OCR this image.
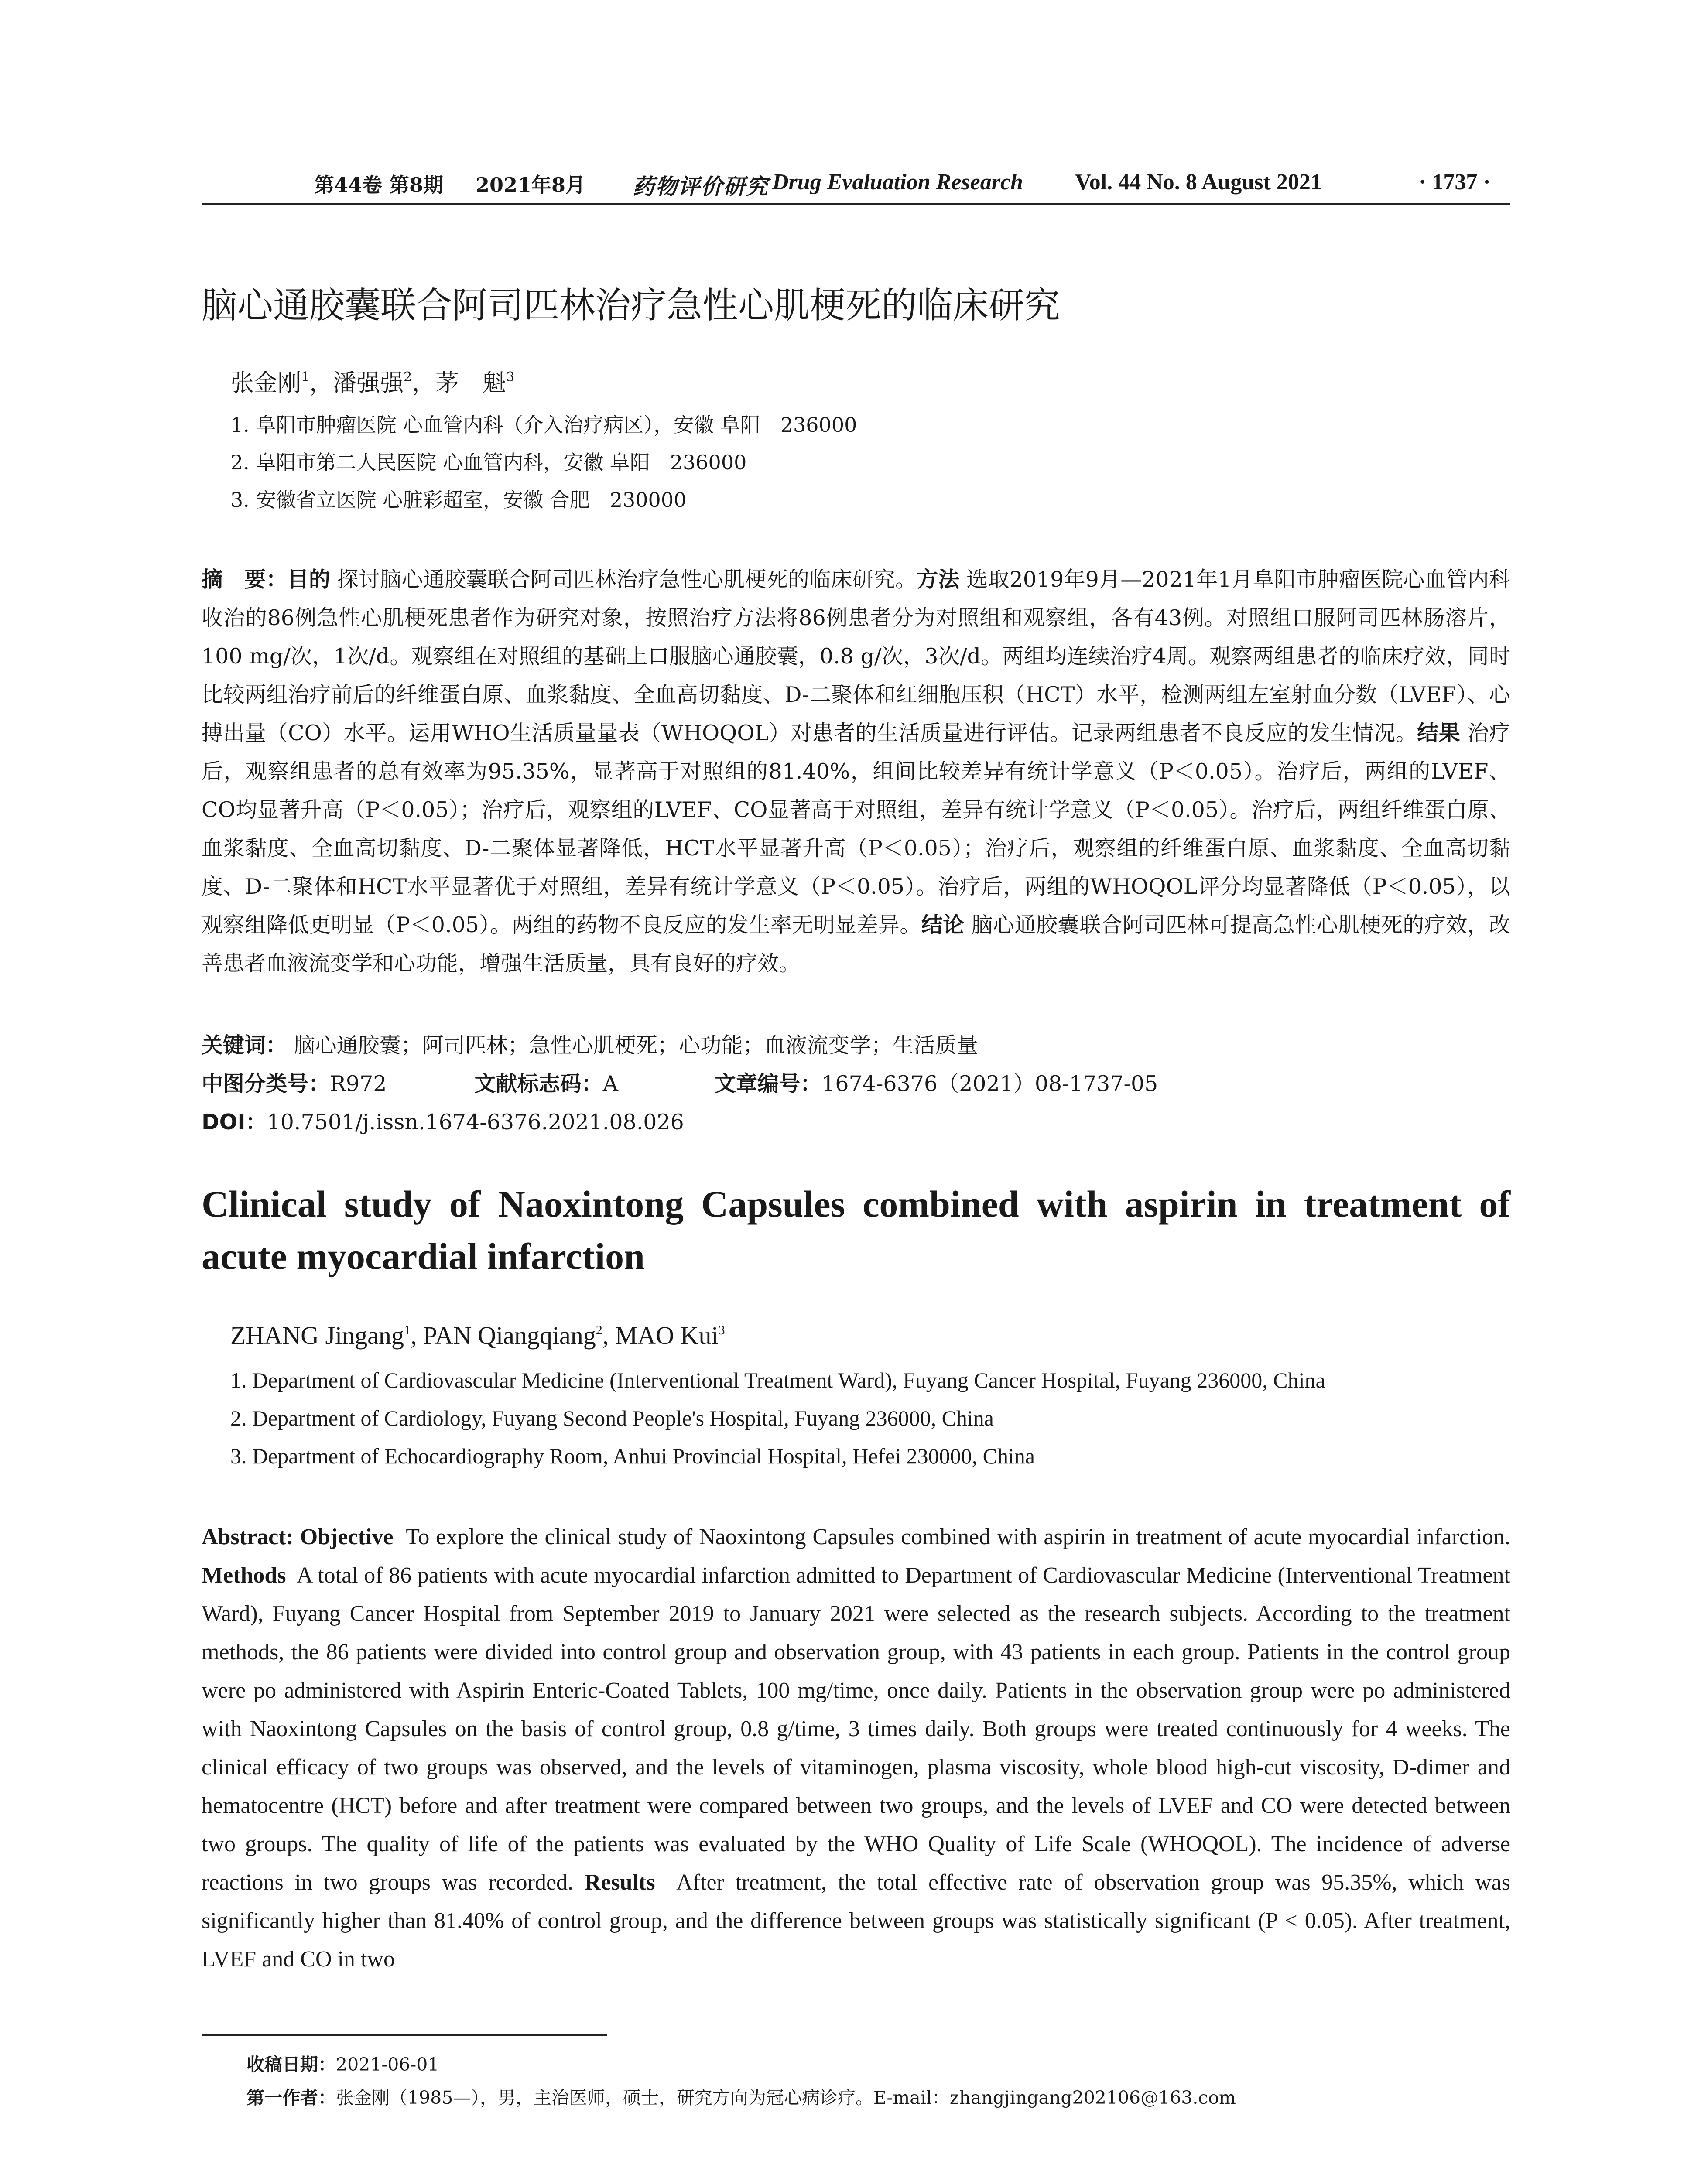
第44卷 第8期 2021年8月 药物评价研究 Drug Evaluation Research Vol. 44 No. 8 August 2021	· 1737 ·
脑心通胶囊联合阿司匹林治疗急性心肌梗死的临床研究
张金刚$^1$，潘强强$^2$，茅　魁$^3$
1. 阜阳市肿瘤医院 心血管内科（介入治疗病区），安徽 阜阳　236000
2. 阜阳市第二人民医院 心血管内科，安徽 阜阳　236000
3. 安徽省立医院 心脏彩超室，安徽 合肥　230000
摘　要：目的 探讨脑心通胶囊联合阿司匹林治疗急性心肌梗死的临床研究。方法 选取2019年9月—2021年1月阜阳市肿瘤医院心血管内科收治的86例急性心肌梗死患者作为研究对象，按照治疗方法将86例患者分为对照组和观察组，各有43例。对照组口服阿司匹林肠溶片，100 mg/次，1次/d。观察组在对照组的基础上口服脑心通胶囊，0.8 g/次，3次/d。两组均连续治疗4周。观察两组患者的临床疗效，同时比较两组治疗前后的纤维蛋白原、血浆黏度、全血高切黏度、D-二聚体和红细胞压积（HCT）水平，检测两组左室射血分数（LVEF）、心搏出量（CO）水平。运用WHO生活质量量表（WHOQOL）对患者的生活质量进行评估。记录两组患者不良反应的发生情况。结果 治疗后，观察组患者的总有效率为95.35%，显著高于对照组的81.40%，组间比较差异有统计学意义（P＜0.05）。治疗后，两组的LVEF、CO均显著升高（P＜0.05）；治疗后，观察组的LVEF、CO显著高于对照组，差异有统计学意义（P＜0.05）。治疗后，两组纤维蛋白原、血浆黏度、全血高切黏度、D-二聚体显著降低，HCT水平显著升高（P＜0.05）；治疗后，观察组的纤维蛋白原、血浆黏度、全血高切黏度、D-二聚体和HCT水平显著优于对照组，差异有统计学意义（P＜0.05）。治疗后，两组的WHOQOL评分均显著降低（P＜0.05），以观察组降低更明显（P＜0.05）。两组的药物不良反应的发生率无明显差异。结论 脑心通胶囊联合阿司匹林可提高急性心肌梗死的疗效，改善患者血液流变学和心功能，增强生活质量，具有良好的疗效。
关键词： 脑心通胶囊；阿司匹林；急性心肌梗死；心功能；血液流变学；生活质量
中图分类号：R972	文献标志码：A	文章编号：1674-6376（2021）08-1737-05
DOI：10.7501/j.issn.1674-6376.2021.08.026
Clinical study of Naoxintong Capsules combined with aspirin in treatment of acute myocardial infarction
ZHANG Jingang$^1$, PAN Qiangqiang$^2$, MAO Kui$^3$
1. Department of Cardiovascular Medicine (Interventional Treatment Ward), Fuyang Cancer Hospital, Fuyang 236000, China
2. Department of Cardiology, Fuyang Second People's Hospital, Fuyang 236000, China
3. Department of Echocardiography Room, Anhui Provincial Hospital, Hefei 230000, China
Abstract: Objective To explore the clinical study of Naoxintong Capsules combined with aspirin in treatment of acute myocardial infarction. Methods A total of 86 patients with acute myocardial infarction admitted to Department of Cardiovascular Medicine (Interventional Treatment Ward), Fuyang Cancer Hospital from September 2019 to January 2021 were selected as the research subjects. According to the treatment methods, the 86 patients were divided into control group and observation group, with 43 patients in each group. Patients in the control group were po administered with Aspirin Enteric-Coated Tablets, 100 mg/time, once daily. Patients in the observation group were po administered with Naoxintong Capsules on the basis of control group, 0.8 g/time, 3 times daily. Both groups were treated continuously for 4 weeks. The clinical efficacy of two groups was observed, and the levels of vitaminogen, plasma viscosity, whole blood high-cut viscosity, D-dimer and hematocentre (HCT) before and after treatment were compared between two groups, and the levels of LVEF and CO were detected between two groups. The quality of life of the patients was evaluated by the WHO Quality of Life Scale (WHOQOL). The incidence of adverse reactions in two groups was recorded. Results After treatment, the total effective rate of observation group was 95.35%, which was significantly higher than 81.40% of control group, and the difference between groups was statistically significant (P < 0.05). After treatment, LVEF and CO in two
收稿日期：2021-06-01
第一作者：张金刚（1985—），男，主治医师，硕士，研究方向为冠心病诊疗。E-mail：zhangjingang202106@163.com
